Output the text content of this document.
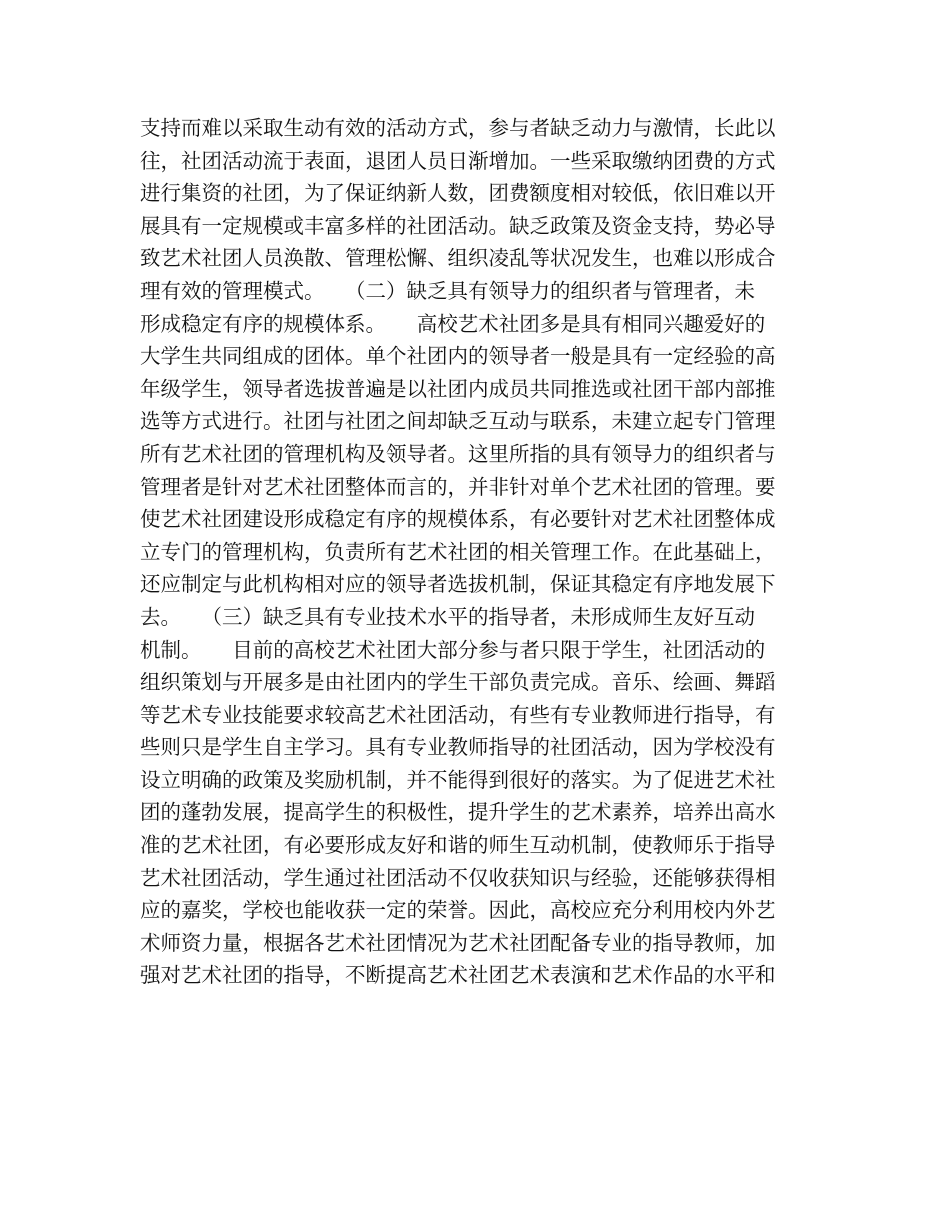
支持而难以采取生动有效的活动方式，参与者缺乏动力与激情，长此以
往，社团活动流于表面，退团人员日渐增加。一些采取缴纳团费的方式
进行集资的社团，为了保证纳新人数，团费额度相对较低，依旧难以开
展具有一定规模或丰富多样的社团活动。缺乏政策及资金支持，势必导
致艺术社团人员涣散、管理松懈、组织凌乱等状况发生，也难以形成合
理有效的管理模式。　　（二）缺乏具有领导力的组织者与管理者，未
形成稳定有序的规模体系。　　高校艺术社团多是具有相同兴趣爱好的
大学生共同组成的团体。单个社团内的领导者一般是具有一定经验的高
年级学生，领导者选拔普遍是以社团内成员共同推选或社团干部内部推
选等方式进行。社团与社团之间却缺乏互动与联系，未建立起专门管理
所有艺术社团的管理机构及领导者。这里所指的具有领导力的组织者与
管理者是针对艺术社团整体而言的，并非针对单个艺术社团的管理。要
使艺术社团建设形成稳定有序的规模体系，有必要针对艺术社团整体成
立专门的管理机构，负责所有艺术社团的相关管理工作。在此基础上，
还应制定与此机构相对应的领导者选拔机制，保证其稳定有序地发展下
去。　　（三）缺乏具有专业技术水平的指导者，未形成师生友好互动
机制。　　目前的高校艺术社团大部分参与者只限于学生，社团活动的
组织策划与开展多是由社团内的学生干部负责完成。音乐、绘画、舞蹈
等艺术专业技能要求较高艺术社团活动，有些有专业教师进行指导，有
些则只是学生自主学习。具有专业教师指导的社团活动，因为学校没有
设立明确的政策及奖励机制，并不能得到很好的落实。为了促进艺术社
团的蓬勃发展，提高学生的积极性，提升学生的艺术素养，培养出高水
准的艺术社团，有必要形成友好和谐的师生互动机制，使教师乐于指导
艺术社团活动，学生通过社团活动不仅收获知识与经验，还能够获得相
应的嘉奖，学校也能收获一定的荣誉。因此，高校应充分利用校内外艺
术师资力量，根据各艺术社团情况为艺术社团配备专业的指导教师，加
强对艺术社团的指导，不断提高艺术社团艺术表演和艺术作品的水平和
